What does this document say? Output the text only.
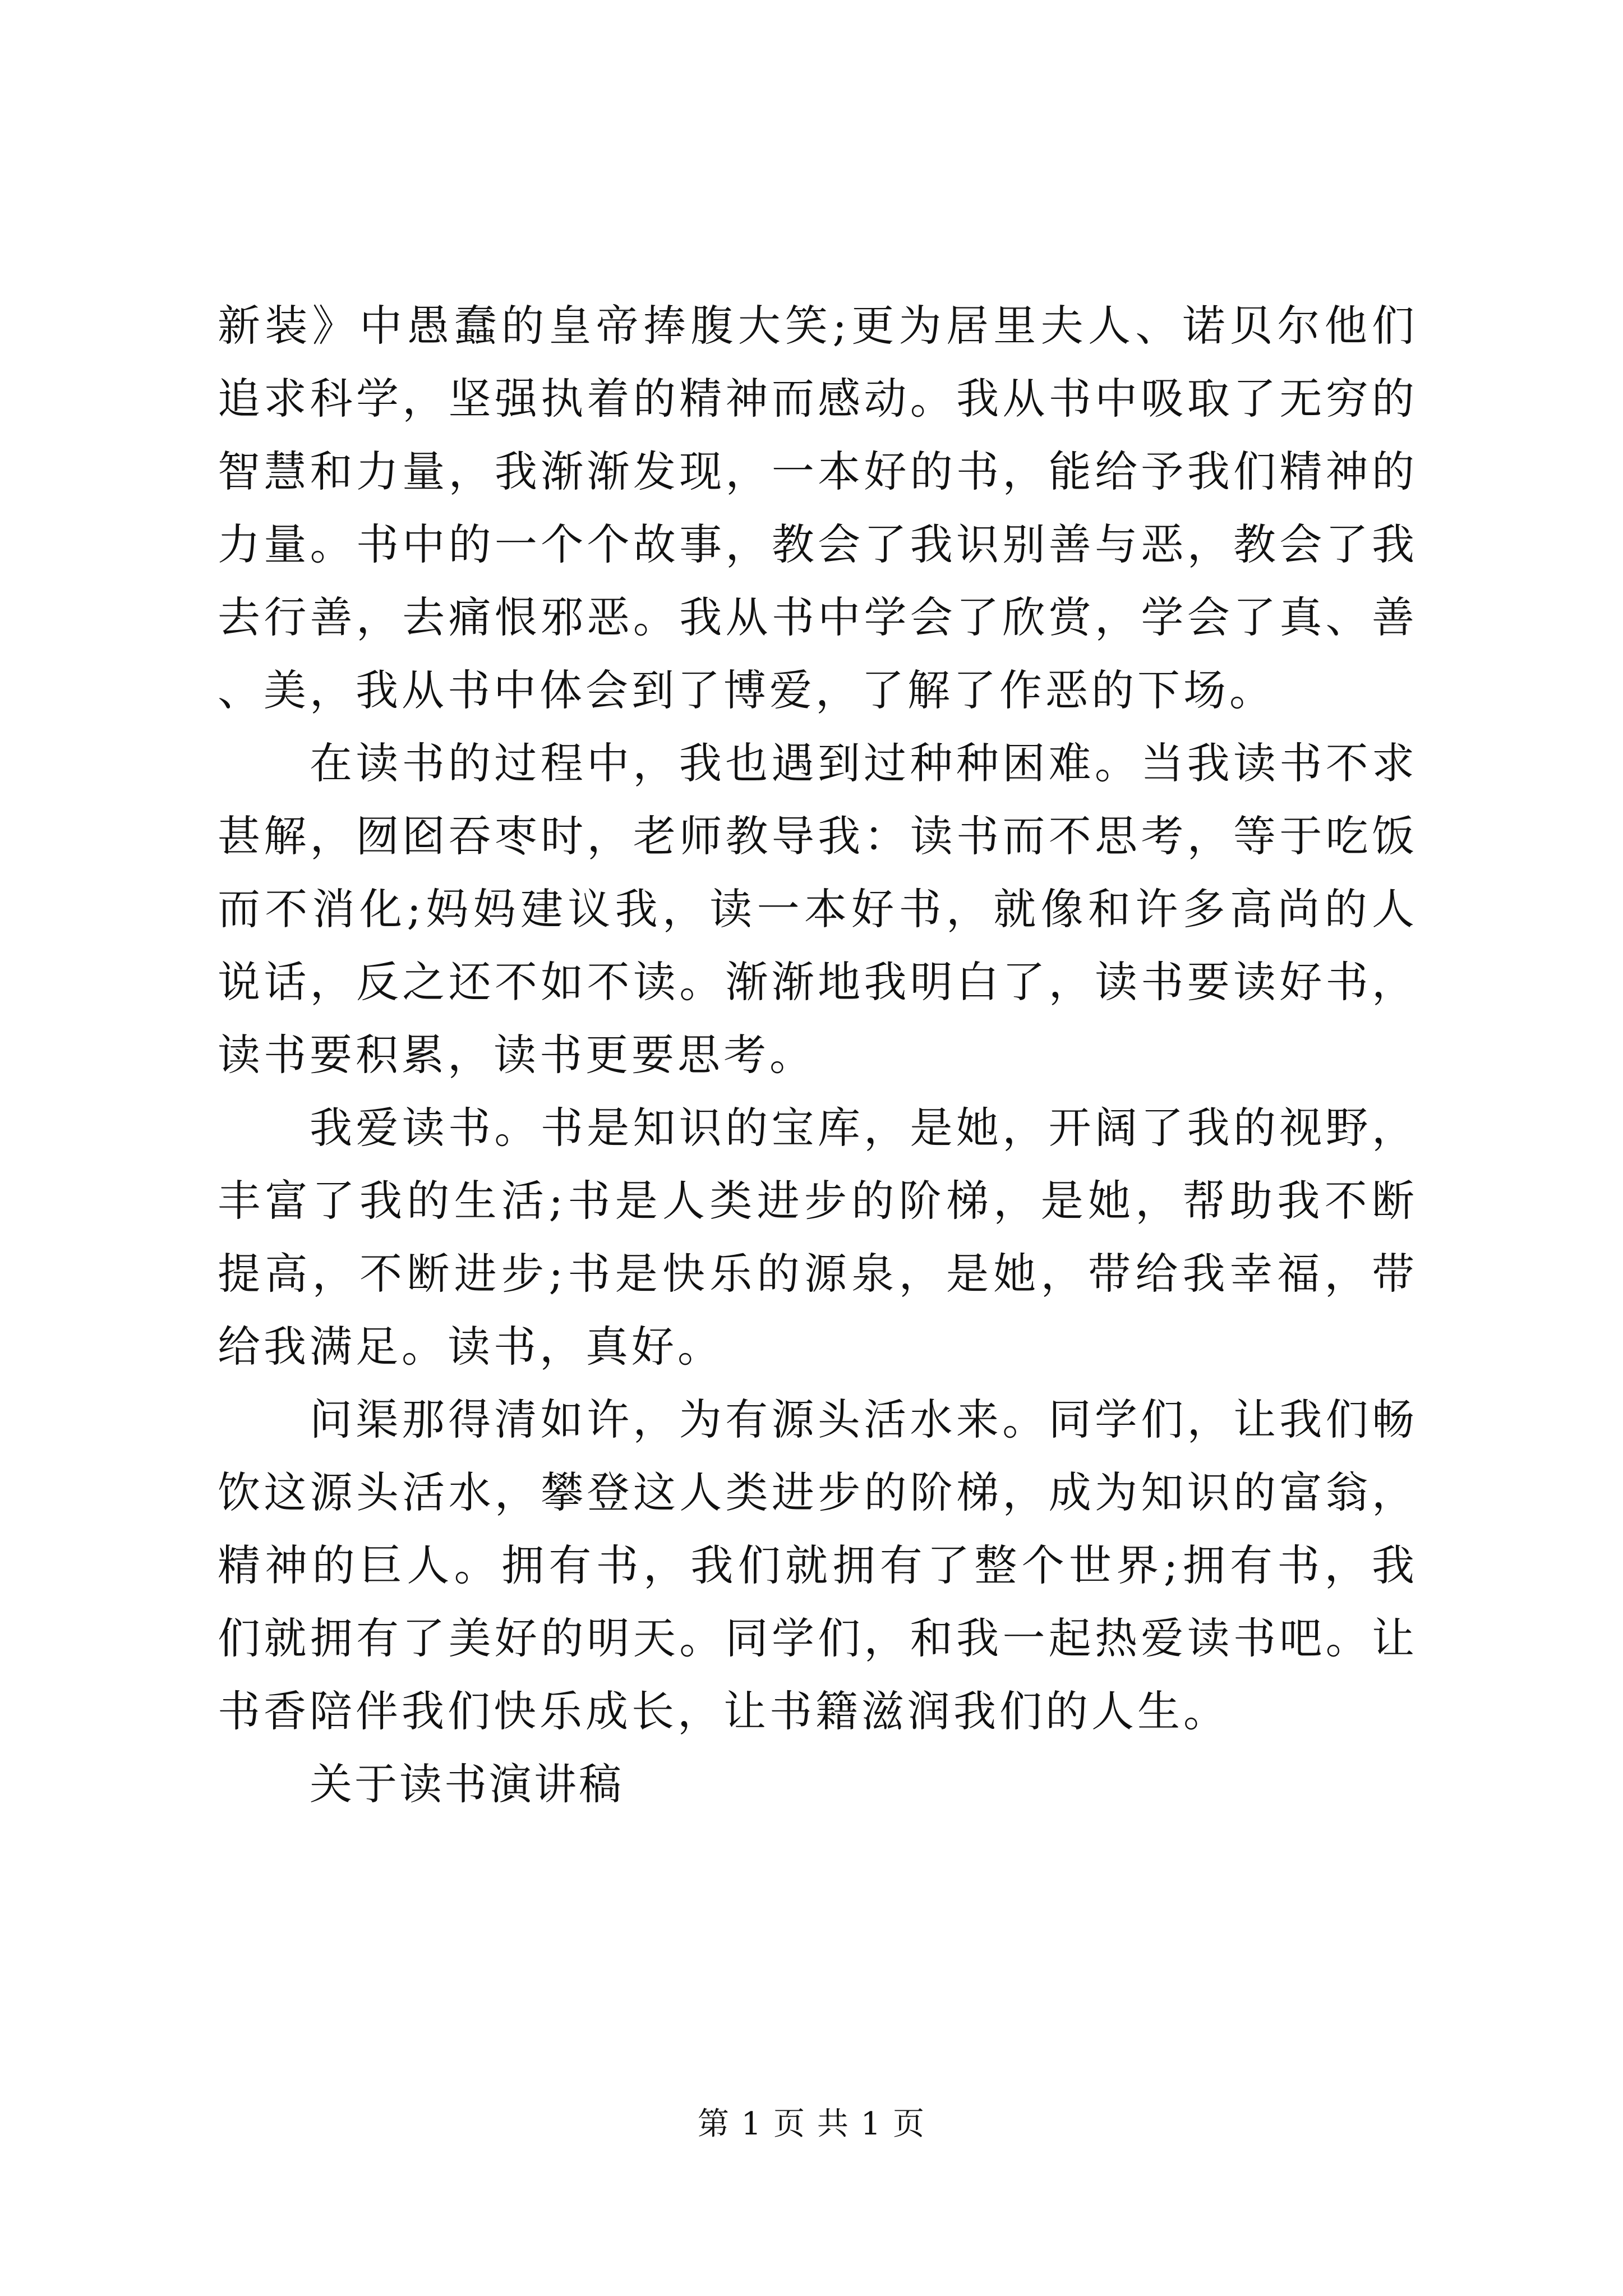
新装》中愚蠢的皇帝捧腹大笑;更为居里夫人、诺贝尔他们追求科学，坚强执着的精神而感动。我从书中吸取了无穷的智慧和力量，我渐渐发现，一本好的书，能给予我们精神的力量。书中的一个个故事，教会了我识别善与恶，教会了我去行善，去痛恨邪恶。我从书中学会了欣赏，学会了真、善、美，我从书中体会到了博爱，了解了作恶的下场。

在读书的过程中，我也遇到过种种困难。当我读书不求甚解，囫囵吞枣时，老师教导我：读书而不思考，等于吃饭而不消化;妈妈建议我，读一本好书，就像和许多高尚的人说话，反之还不如不读。渐渐地我明白了，读书要读好书，读书要积累，读书更要思考。

我爱读书。书是知识的宝库，是她，开阔了我的视野，丰富了我的生活;书是人类进步的阶梯，是她，帮助我不断提高，不断进步;书是快乐的源泉，是她，带给我幸福，带给我满足。读书，真好。

问渠那得清如许，为有源头活水来。同学们，让我们畅饮这源头活水，攀登这人类进步的阶梯，成为知识的富翁，精神的巨人。拥有书，我们就拥有了整个世界;拥有书，我们就拥有了美好的明天。同学们，和我一起热爱读书吧。让书香陪伴我们快乐成长，让书籍滋润我们的人生。

关于读书演讲稿

第 1 页 共 1 页
